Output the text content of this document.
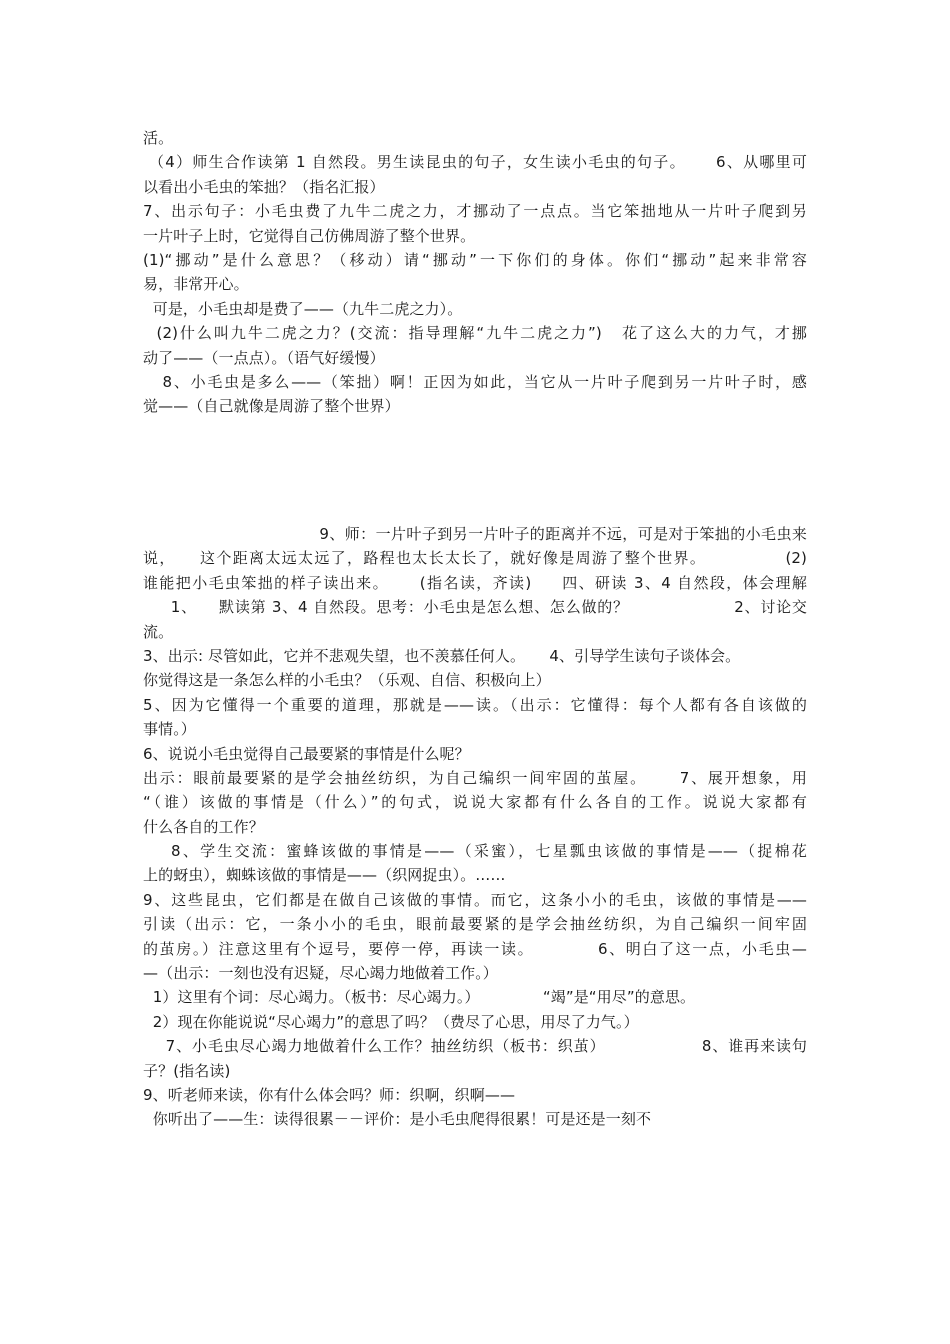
活。
（4）师生合作读第 1 自然段。男生读昆虫的句子，女生读小毛虫的句子。     6、从哪里可
以看出小毛虫的笨拙？（指名汇报）
7、出示句子：小毛虫费了九牛二虎之力，才挪动了一点点。当它笨拙地从一片叶子爬到另
一片叶子上时，它觉得自己仿佛周游了整个世界。
(1)“挪动”是什么意思？（移动）请“挪动”一下你们的身体。你们“挪动”起来非常容
易，非常开心。
可是，小毛虫却是费了——（九牛二虎之力）。
(2)什么叫九牛二虎之力？(交流：指导理解“九牛二虎之力”)   花了这么大的力气，才挪
动了——（一点点）。（语气好缓慢）
8、小毛虫是多么——（笨拙）啊！正因为如此，当它从一片叶子爬到另一片叶子时，感
觉——（自己就像是周游了整个世界）
9、师：一片叶子到另一片叶子的距离并不远，可是对于笨拙的小毛虫来
说，    这个距离太远太远了，路程也太长太长了，就好像是周游了整个世界。             (2)
谁能把小毛虫笨拙的样子读出来。     (指名读，齐读)     四、研读 3、4 自然段，体会理解
1、    默读第 3、4 自然段。思考：小毛虫是怎么想、怎么做的？                   2、讨论交
流。
3、出示: 尽管如此，它并不悲观失望，也不羡慕任何人。     4、引导学生读句子谈体会。
你觉得这是一条怎么样的小毛虫？（乐观、自信、积极向上）
5、因为它懂得一个重要的道理，那就是——读。（出示：它懂得：每个人都有各自该做的
事情。）
6、说说小毛虫觉得自己最要紧的事情是什么呢？
出示：眼前最要紧的是学会抽丝纺织，为自己编织一间牢固的茧屋。     7、展开想象，用
“（谁）该做的事情是（什么）”的句式，说说大家都有什么各自的工作。说说大家都有
什么各自的工作？
8、学生交流：蜜蜂该做的事情是——（采蜜），七星瓢虫该做的事情是——（捉棉花
上的蚜虫），蜘蛛该做的事情是——（织网捉虫）。……
9、这些昆虫，它们都是在做自己该做的事情。而它，这条小小的毛虫，该做的事情是——
引读（出示：它，一条小小的毛虫，眼前最要紧的是学会抽丝纺织，为自己编织一间牢固
的茧房。）注意这里有个逗号，要停一停，再读一读。          6、明白了这一点，小毛虫—
—（出示：一刻也没有迟疑，尽心竭力地做着工作。）
1）这里有个词：尽心竭力。（板书：尽心竭力。）             “竭”是“用尽”的意思。
2）现在你能说说“尽心竭力”的意思了吗？（费尽了心思，用尽了力气。）
7、小毛虫尽心竭力地做着什么工作？抽丝纺织（板书：织茧）                 8、谁再来读句
子？(指名读)
9、听老师来读，你有什么体会吗？师：织啊，织啊——
你听出了——生：读得很累－－评价：是小毛虫爬得很累！可是还是一刻不
